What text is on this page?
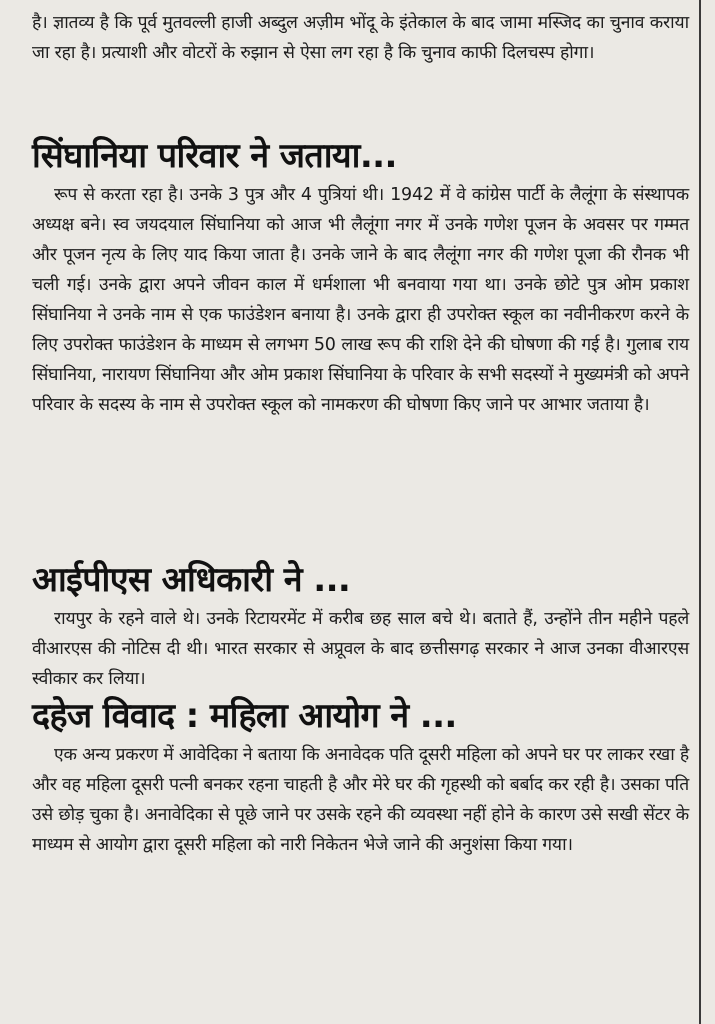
है। ज्ञातव्य है कि पूर्व मुतवल्ली हाजी अब्दुल अज़ीम भोंदू के इंतेकाल के बाद जामा मस्जिद का चुनाव कराया जा रहा है। प्रत्याशी और वोटरों के रुझान से ऐसा लग रहा है कि चुनाव काफी दिलचस्प होगा।

सिंघानिया परिवार ने जताया...

रूप से करता रहा है। उनके 3 पुत्र और 4 पुत्रियां थी। 1942 में वे कांग्रेस पार्टी के लैलूंगा के संस्थापक अध्यक्ष बने। स्व जयदयाल सिंघानिया को आज भी लैलूंगा नगर में उनके गणेश पूजन के अवसर पर गम्मत और पूजन नृत्य के लिए याद किया जाता है। उनके जाने के बाद लैलूंगा नगर की गणेश पूजा की रौनक भी चली गई। उनके द्वारा अपने जीवन काल में धर्मशाला भी बनवाया गया था। उनके छोटे पुत्र ओम प्रकाश सिंघानिया ने उनके नाम से एक फाउंडेशन बनाया है। उनके द्वारा ही उपरोक्त स्कूल का नवीनीकरण करने के लिए उपरोक्त फाउंडेशन के माध्यम से लगभग 50 लाख रूप की राशि देने की घोषणा की गई है। गुलाब राय सिंघानिया, नारायण सिंघानिया और ओम प्रकाश सिंघानिया के परिवार के सभी सदस्यों ने मुख्यमंत्री को अपने परिवार के सदस्य के नाम से उपरोक्त स्कूल को नामकरण की घोषणा किए जाने पर आभार जताया है।

आईपीएस अधिकारी ने ...

रायपुर के रहने वाले थे। उनके रिटायरमेंट में करीब छह साल बचे थे। बताते हैं, उन्होंने तीन महीने पहले वीआरएस की नोटिस दी थी। भारत सरकार से अप्रूवल के बाद छत्तीसगढ़ सरकार ने आज उनका वीआरएस स्वीकार कर लिया।

दहेज विवाद : महिला आयोग ने ...

एक अन्य प्रकरण में आवेदिका ने बताया कि अनावेदक पति दूसरी महिला को अपने घर पर लाकर रखा है और वह महिला दूसरी पत्नी बनकर रहना चाहती है और मेरे घर की गृहस्थी को बर्बाद कर रही है। उसका पति उसे छोड़ चुका है। अनावेदिका से पूछे जाने पर उसके रहने की व्यवस्था नहीं होने के कारण उसे सखी सेंटर के माध्यम से आयोग द्वारा दूसरी महिला को नारी निकेतन भेजे जाने की अनुशंसा किया गया।
